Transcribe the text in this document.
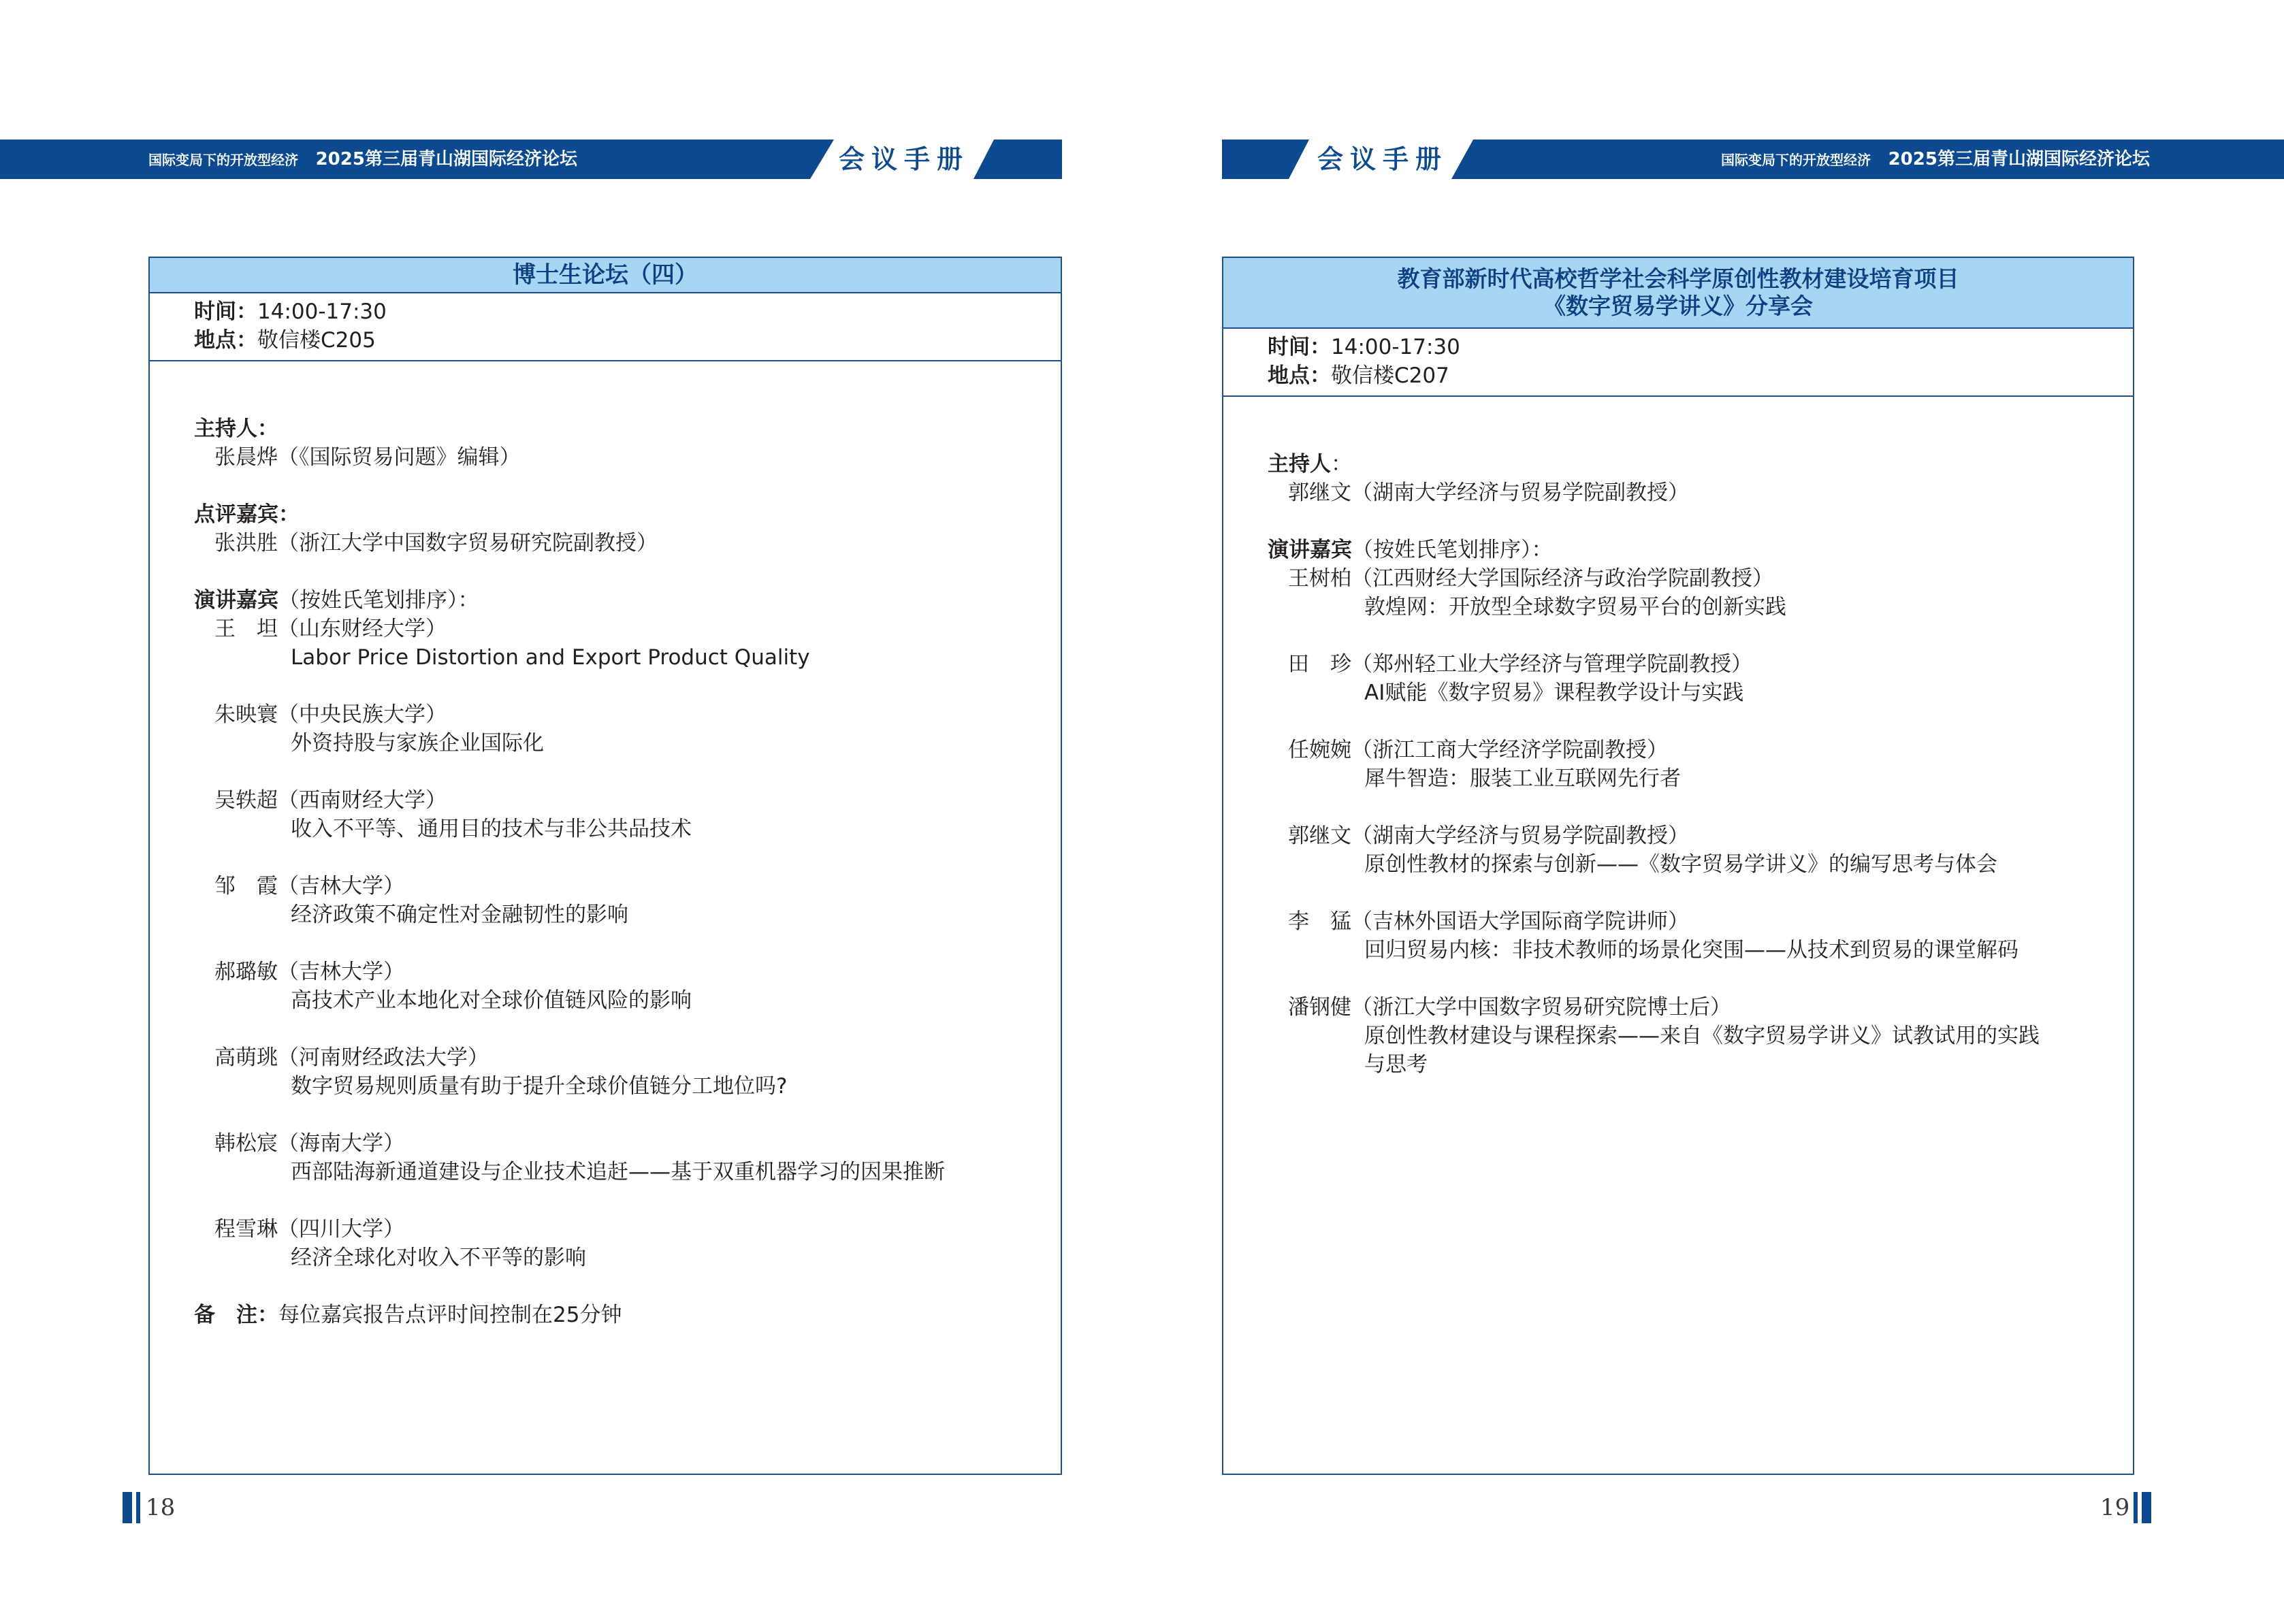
国际变局下的开放型经济 2025第三届青山湖国际经济论坛	会议手册	会议手册	国际变局下的开放型经济 2025第三届青山湖国际经济论坛
博士生论坛（四）
时间：14:00-17:30
地点：敬信楼C205
主持人：
张晨烨（《国际贸易问题》编辑）
点评嘉宾：
张洪胜（浙江大学中国数字贸易研究院副教授）
演讲嘉宾（按姓氏笔划排序）：
王　坦（山东财经大学）
Labor Price Distortion and Export Product Quality
朱映寰（中央民族大学）
外资持股与家族企业国际化
吴轶超（西南财经大学）
收入不平等、通用目的技术与非公共品技术
邹　霞（吉林大学）
经济政策不确定性对金融韧性的影响
郝璐敏（吉林大学）
高技术产业本地化对全球价值链风险的影响
高萌珧（河南财经政法大学）
数字贸易规则质量有助于提升全球价值链分工地位吗?
韩松宸（海南大学）
西部陆海新通道建设与企业技术追赶——基于双重机器学习的因果推断
程雪琳（四川大学）
经济全球化对收入不平等的影响
备　注：每位嘉宾报告点评时间控制在25分钟
教育部新时代高校哲学社会科学原创性教材建设培育项目
《数字贸易学讲义》分享会
时间：14:00-17:30
地点：敬信楼C207
主持人：
郭继文（湖南大学经济与贸易学院副教授）
演讲嘉宾（按姓氏笔划排序）：
王树柏（江西财经大学国际经济与政治学院副教授）
敦煌网：开放型全球数字贸易平台的创新实践
田　珍（郑州轻工业大学经济与管理学院副教授）
AI赋能《数字贸易》课程教学设计与实践
任婉婉（浙江工商大学经济学院副教授）
犀牛智造：服装工业互联网先行者
郭继文（湖南大学经济与贸易学院副教授）
原创性教材的探索与创新——《数字贸易学讲义》的编写思考与体会
李　猛（吉林外国语大学国际商学院讲师）
回归贸易内核：非技术教师的场景化突围——从技术到贸易的课堂解码
潘钢健（浙江大学中国数字贸易研究院博士后）
原创性教材建设与课程探索——来自《数字贸易学讲义》试教试用的实践
与思考
18	19
